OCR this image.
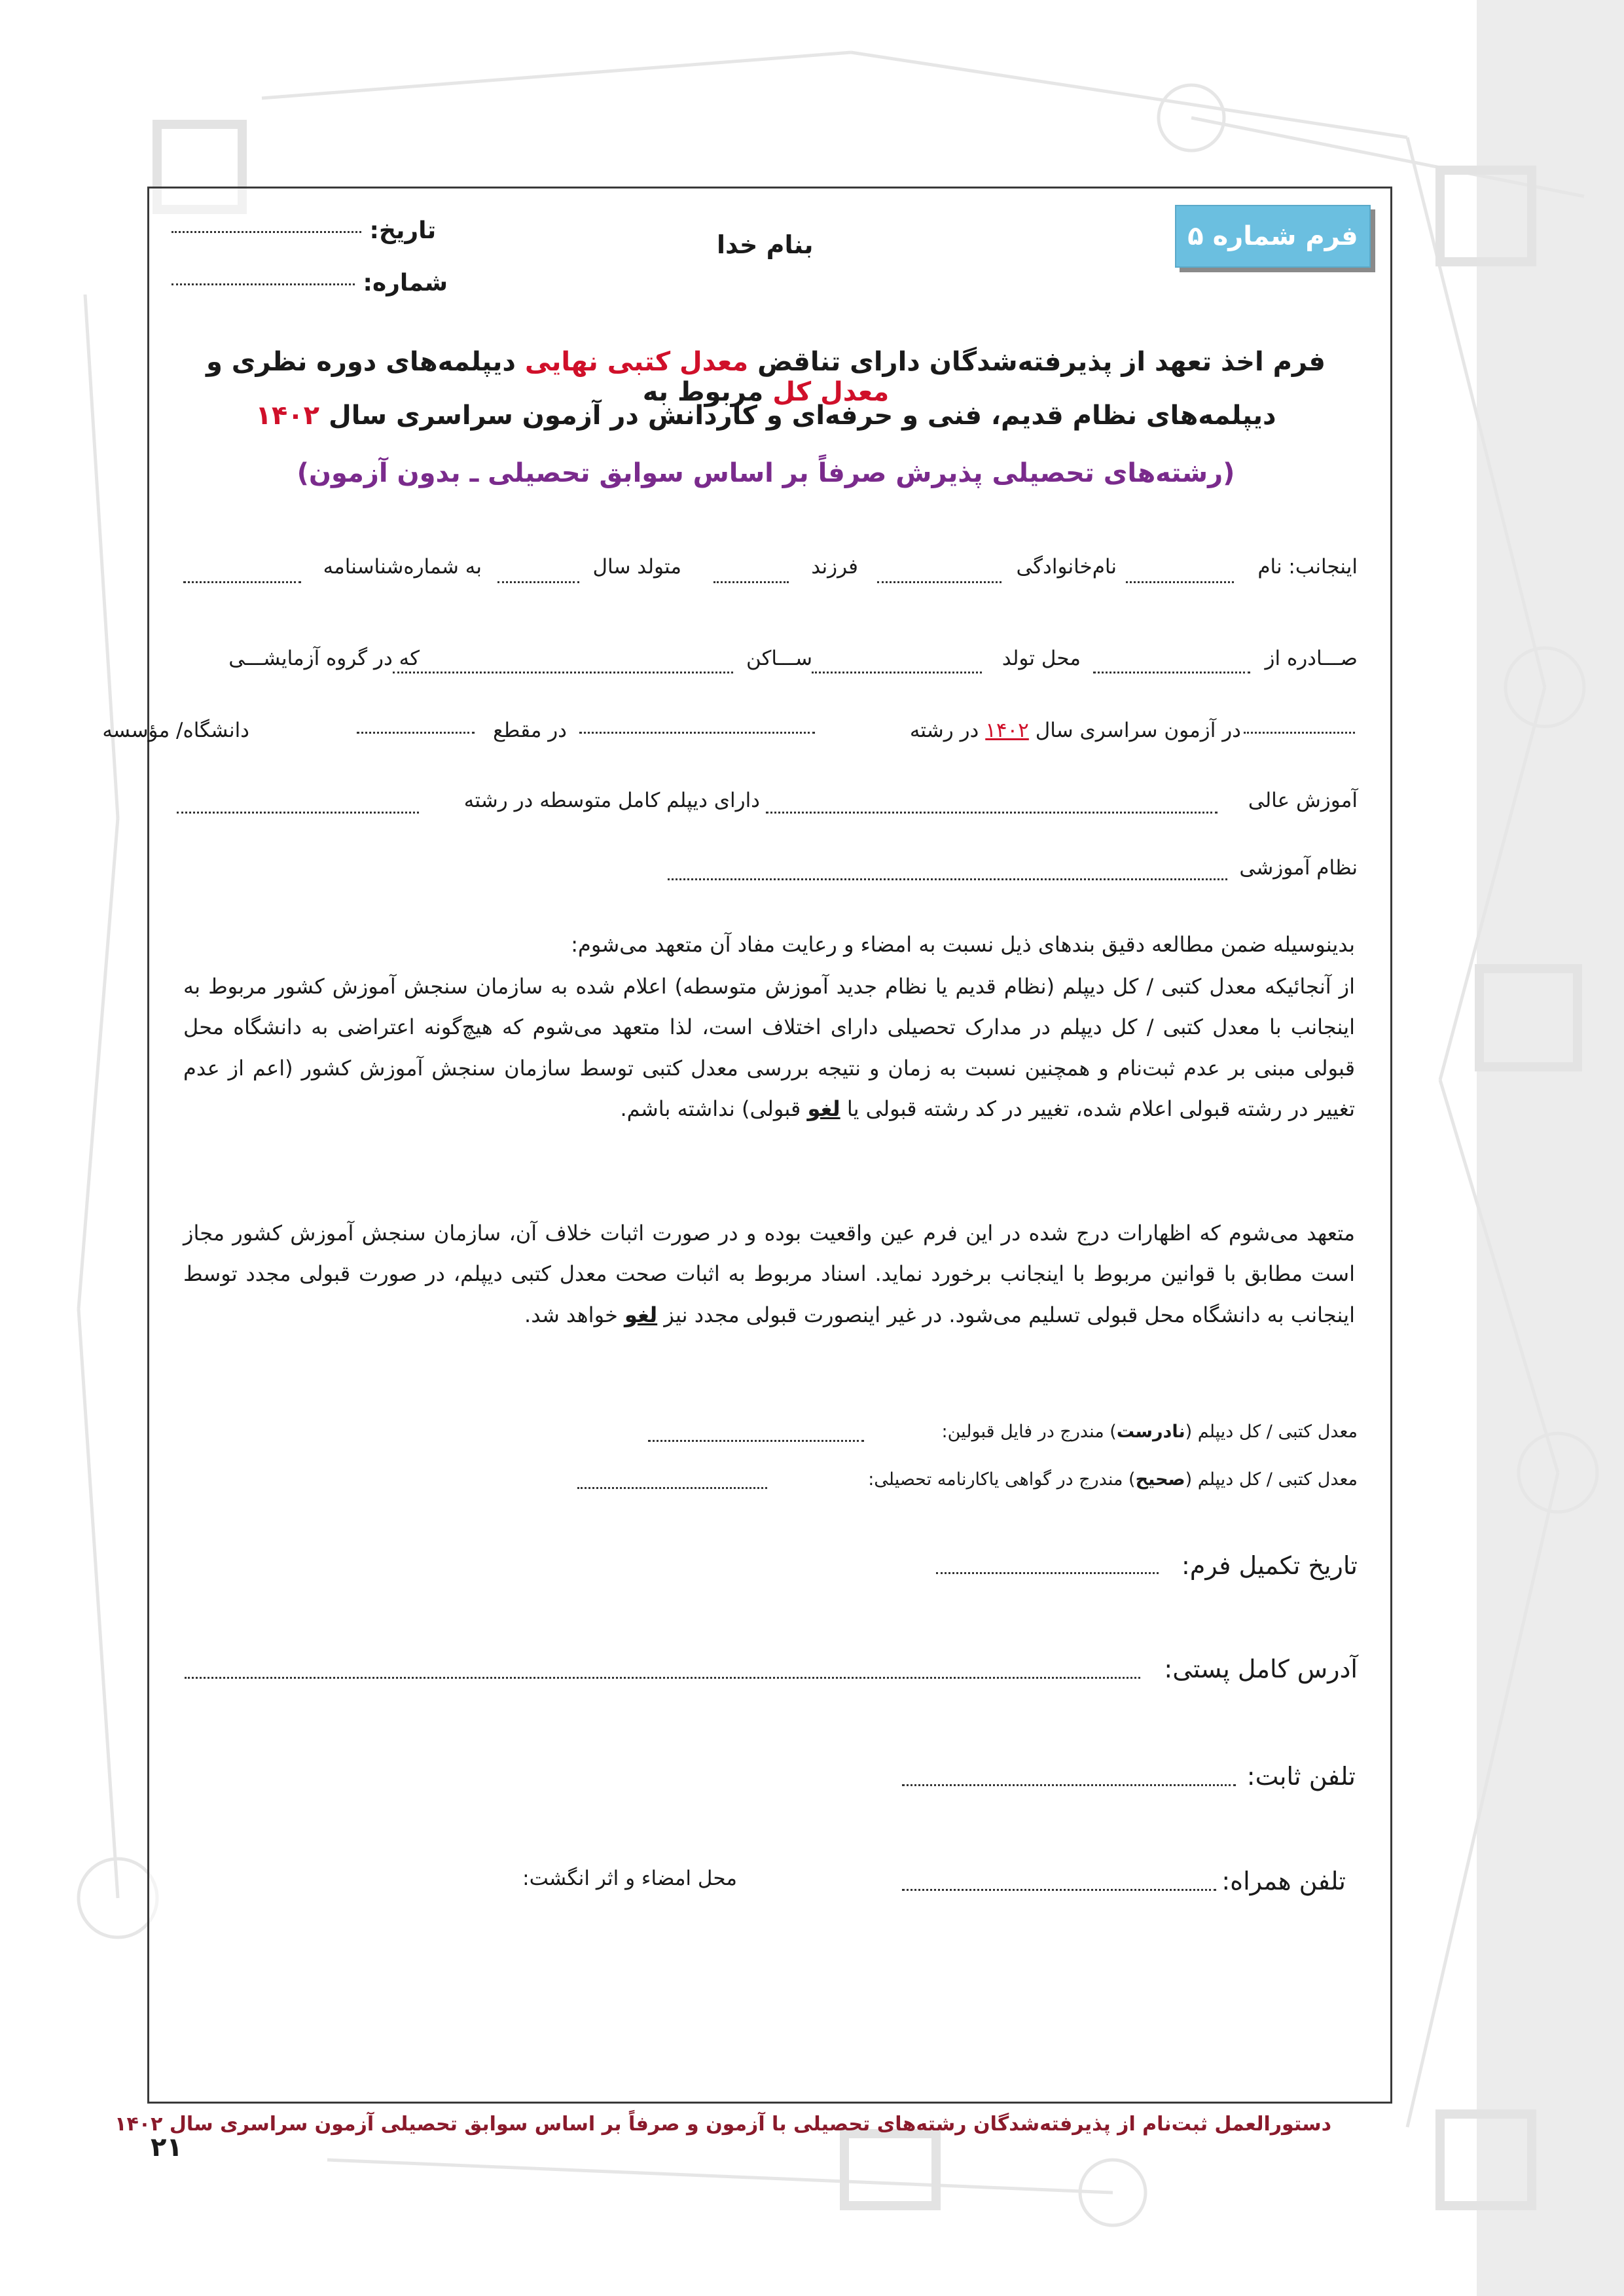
فرم شماره ۵
بنام خدا
تاریخ:
شماره:
فرم اخذ تعهد از پذیرفته‌شدگان دارای تناقض معدل کتبی نهایی دیپلمه‌های دوره نظری و معدل کل مربوط به
دیپلمه‌های نظام قدیم، فنی و حرفه‌ای و کاردانش در آزمون سراسری سال ۱۴۰۲
(رشته‌های تحصیلی پذیرش صرفاً بر اساس سوابق تحصیلی ـ بدون آزمون)
اینجانب: نام
نام‌خانوادگی
فرزند
متولد سال
به شماره‌شناسنامه
صـــادره از
محل تولد
ســـاکن
که در گروه آزمایشـــی
در آزمون سراسری سال ۱۴۰۲ در رشته
در مقطع
دانشگاه/ مؤسسه
آموزش عالی
دارای دیپلم کامل متوسطه در رشته
نظام آموزشی
بدینوسیله ضمن مطالعه دقیق بندهای ذیل نسبت به امضاء و رعایت مفاد آن متعهد می‌شوم:
از آنجائیکه معدل کتبی / کل دیپلم (نظام قدیم یا نظام جدید آموزش متوسطه) اعلام شده به سازمان سنجش آموزش کشور مربوط به اینجانب با معدل کتبی / کل دیپلم در مدارک تحصیلی دارای اختلاف است، لذا متعهد می‌شوم که هیچ‌گونه اعتراضی به دانشگاه محل قبولی مبنی بر عدم ثبت‌نام و همچنین نسبت به زمان و نتیجه بررسی معدل کتبی توسط سازمان سنجش آموزش کشور (اعم از عدم تغییر در رشته قبولی اعلام شده، تغییر در کد رشته قبولی یا لغو قبولی) نداشته باشم.
متعهد می‌شوم که اظهارات درج شده در این فرم عین واقعیت بوده و در صورت اثبات خلاف آن، سازمان سنجش آموزش کشور مجاز است مطابق با قوانین مربوط با اینجانب برخورد نماید. اسناد مربوط به اثبات صحت معدل کتبی دیپلم، در صورت قبولی مجدد توسط اینجانب به دانشگاه محل قبولی تسلیم می‌شود. در غیر اینصورت قبولی مجدد نیز لغو خواهد شد.
معدل کتبی / کل دیپلم (نادرست) مندرج در فایل قبولین:
معدل کتبی / کل دیپلم (صحیح) مندرج در گواهی یاکارنامه تحصیلی:
تاریخ تکمیل فرم:
آدرس کامل پستی:
تلفن ثابت:
تلفن همراه:
محل امضاء و اثر انگشت:
دستورالعمل ثبت‌نام از پذیرفته‌شدگان رشته‌های تحصیلی با آزمون و صرفاً بر اساس سوابق تحصیلی آزمون سراسری سال ۱۴۰۲
۲۱
